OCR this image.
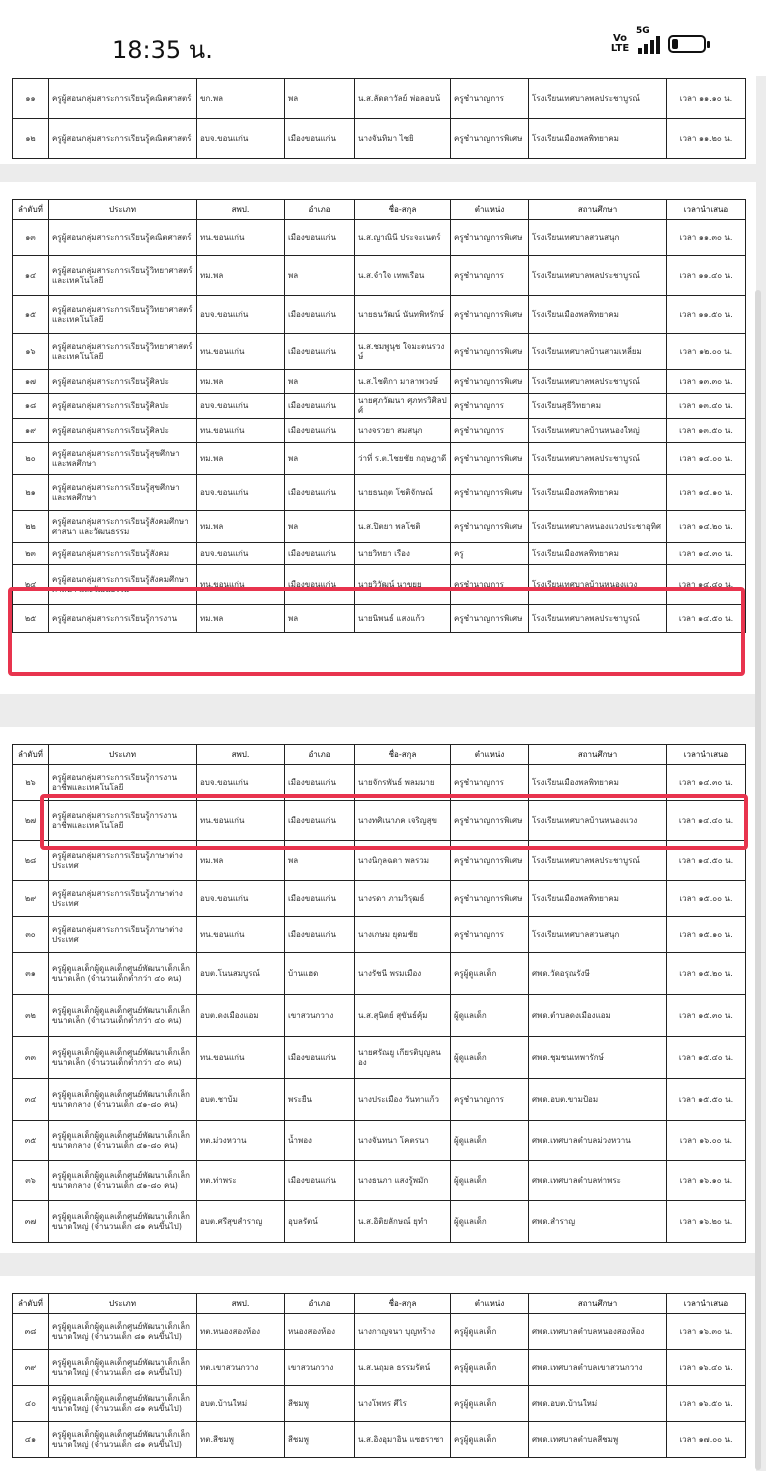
18:35 น.	Vo LTE
5G
๑๑	ครูผู้สอนกลุ่มสาระการเรียนรู้คณิตศาสตร์	ขก.พล	พล	น.ส.ลัดดาวัลย์ พ่อลอบน้	ครูชำนาญการ	โรงเรียนเทศบาลพลประชาบูรณ์	เวลา ๑๑.๑๐ น.
๑๒	ครูผู้สอนกลุ่มสาระการเรียนรู้คณิตศาสตร์	อบจ.ขอนแก่น	เมืองขอนแก่น	นางจันทิมา ไชยิ	ครูชำนาญการพิเศษ	โรงเรียนเมืองพลพิทยาคม	เวลา ๑๑.๒๐ น.
ลำดับที่	ประเภท	สพป.	อำเภอ	ชื่อ-สกุล	ตำแหน่ง	สถานศึกษา	เวลานำเสนอ
๑๓	ครูผู้สอนกลุ่มสาระการเรียนรู้คณิตศาสตร์	ทน.ขอนแก่น	เมืองขอนแก่น	น.ส.ญาณินี ประจะเนตร์	ครูชำนาญการพิเศษ	โรงเรียนเทศบาลสวนสนุก	เวลา ๑๑.๓๐ น.
๑๔	ครูผู้สอนกลุ่มสาระการเรียนรู้วิทยาศาสตร์และเทคโนโลยี	ทม.พล	พล	น.ส.จำใจ เทพเรือน	ครูชำนาญการ	โรงเรียนเทศบาลพลประชาบูรณ์	เวลา ๑๑.๔๐ น.
๑๕	ครูผู้สอนกลุ่มสาระการเรียนรู้วิทยาศาสตร์และเทคโนโลยี	อบจ.ขอนแก่น	เมืองขอนแก่น	นายธนวัฒน์ นันทพิทรักษ์	ครูชำนาญการพิเศษ	โรงเรียนเมืองพลพิทยาคม	เวลา ๑๑.๕๐ น.
๑๖	ครูผู้สอนกลุ่มสาระการเรียนรู้วิทยาศาสตร์และเทคโนโลยี	ทน.ขอนแก่น	เมืองขอนแก่น	น.ส.ชมพูนุช ใจมะตนรวงษ์	ครูชำนาญการพิเศษ	โรงเรียนเทศบาลบ้านสามเหลี่ยม	เวลา ๑๒.๐๐ น.
๑๗	ครูผู้สอนกลุ่มสาระการเรียนรู้ศิลปะ	ทม.พล	พล	น.ส.ไชติกา มาลาพวงษ์	ครูชำนาญการพิเศษ	โรงเรียนเทศบาลพลประชาบูรณ์	เวลา ๑๓.๓๐ น.
๑๘	ครูผู้สอนกลุ่มสาระการเรียนรู้ศิลปะ	อบจ.ขอนแก่น	เมืองขอนแก่น	นายศุภวัฒนา ศุภทรวิศิลปศ์	ครูชำนาญการ	โรงเรียนสุธีวิทยาคม	เวลา ๑๓.๔๐ น.
๑๙	ครูผู้สอนกลุ่มสาระการเรียนรู้ศิลปะ	ทน.ขอนแก่น	เมืองขอนแก่น	นางจรวยา สมสนุก	ครูชำนาญการ	โรงเรียนเทศบาลบ้านหนองใหญ่	เวลา ๑๓.๕๐ น.
๒๐	ครูผู้สอนกลุ่มสาระการเรียนรู้สุขศึกษาและพลศึกษา	ทม.พล	พล	ว่าที่ ร.ต.ไชยชัย กฤษฎาดี	ครูชำนาญการพิเศษ	โรงเรียนเทศบาลพลประชาบูรณ์	เวลา ๑๔.๐๐ น.
๒๑	ครูผู้สอนกลุ่มสาระการเรียนรู้สุขศึกษาและพลศึกษา	อบจ.ขอนแก่น	เมืองขอนแก่น	นายธนฤต โชติจักษณ์	ครูชำนาญการพิเศษ	โรงเรียนเมืองพลพิทยาคม	เวลา ๑๔.๑๐ น.
๒๒	ครูผู้สอนกลุ่มสาระการเรียนรู้สังคมศึกษา ศาสนา และวัฒนธรรม	ทม.พล	พล	น.ส.ปิตยา พลโชติ	ครูชำนาญการพิเศษ	โรงเรียนเทศบาลหนองแวงประชาอุทิศ	เวลา ๑๔.๒๐ น.
๒๓	ครูผู้สอนกลุ่มสาระการเรียนรู้สังคม	อบจ.ขอนแก่น	เมืองขอนแก่น	นายวิทยา เรือง	ครู	โรงเรียนเมืองพลพิทยาคม	เวลา ๑๔.๓๐ น.
๒๔	ครูผู้สอนกลุ่มสาระการเรียนรู้สังคมศึกษา ศาสนา และวัฒนธรรม	ทน.ขอนแก่น	เมืองขอนแก่น	นายวิวัฒน์ นาขยุย	ครูชำนาญการ	โรงเรียนเทศบาลบ้านหนองแวง	เวลา ๑๔.๔๐ น.
๒๕	ครูผู้สอนกลุ่มสาระการเรียนรู้การงาน	ทม.พล	พล	นายนิพนธ์ แสงแก้ว	ครูชำนาญการพิเศษ	โรงเรียนเทศบาลพลประชาบูรณ์	เวลา ๑๔.๕๐ น.
ลำดับที่	ประเภท	สพป.	อำเภอ	ชื่อ-สกุล	ตำแหน่ง	สถานศึกษา	เวลานำเสนอ
๒๖	ครูผู้สอนกลุ่มสาระการเรียนรู้การงานอาชีพและเทคโนโลยี	อบจ.ขอนแก่น	เมืองขอนแก่น	นายจักรพันธ์ พลมมาย	ครูชำนาญการ	โรงเรียนเมืองพลพิทยาคม	เวลา ๑๔.๓๐ น.
๒๗	ครูผู้สอนกลุ่มสาระการเรียนรู้การงานอาชีพและเทคโนโลยี	ทน.ขอนแก่น	เมืองขอนแก่น	นางทศิเนาภค เจริญสุข	ครูชำนาญการพิเศษ	โรงเรียนเทศบาลบ้านหนองแวง	เวลา ๑๔.๔๐ น.
๒๘	ครูผู้สอนกลุ่มสาระการเรียนรู้ภาษาต่างประเทศ	ทม.พล	พล	นางนิกุลฉดา พลรวม	ครูชำนาญการพิเศษ	โรงเรียนเทศบาลพลประชาบูรณ์	เวลา ๑๔.๕๐ น.
๒๙	ครูผู้สอนกลุ่มสาระการเรียนรู้ภาษาต่างประเทศ	อบจ.ขอนแก่น	เมืองขอนแก่น	นางรดา ภามวิรุฒธ์	ครูชำนาญการพิเศษ	โรงเรียนเมืองพลพิทยาคม	เวลา ๑๕.๐๐ น.
๓๐	ครูผู้สอนกลุ่มสาระการเรียนรู้ภาษาต่างประเทศ	ทน.ขอนแก่น	เมืองขอนแก่น	นางเกษม ยุดมชัย	ครูชำนาญการ	โรงเรียนเทศบาลสวนสนุก	เวลา ๑๕.๑๐ น.
๓๑	ครูผู้ดูแลเด็กผู้ดูแลเด็กศูนย์พัฒนาเด็กเล็กขนาดเล็ก (จำนวนเด็กต่ำกว่า ๔๐ คน)	อบต.โนนสมบูรณ์	บ้านแฮด	นางรัชนี พรมเมือง	ครูผู้ดูแลเด็ก	ศพด.วัดอรุณรังษี	เวลา ๑๕.๒๐ น.
๓๒	ครูผู้ดูแลเด็กผู้ดูแลเด็กศูนย์พัฒนาเด็กเล็กขนาดเล็ก (จำนวนเด็กต่ำกว่า ๔๐ คน)	อบต.ดงเมืองแอม	เขาสวนกวาง	น.ส.สุนิตย์ สุขันธ์คุ้ม	ผู้ดูแลเด็ก	ศพด.ตำบลดงเมืองแอม	เวลา ๑๕.๓๐ น.
๓๓	ครูผู้ดูแลเด็กผู้ดูแลเด็กศูนย์พัฒนาเด็กเล็กขนาดเล็ก (จำนวนเด็กต่ำกว่า ๔๐ คน)	ทน.ขอนแก่น	เมืองขอนแก่น	นายศรัณยู เกียรติบุญลนอง	ผู้ดูแลเด็ก	ศพด.ชุมชนเทพารักษ์	เวลา ๑๕.๔๐ น.
๓๔	ครูผู้ดูแลเด็กผู้ดูแลเด็กศูนย์พัฒนาเด็กเล็กขนาดกลาง (จำนวนเด็ก ๔๑-๘๐ คน)	อบต.ชาบ้ม	พระยืน	นางประเมือง วันทาแก้ว	ครูชำนาญการ	ศพด.อบต.ขามป้อม	เวลา ๑๕.๕๐ น.
๓๕	ครูผู้ดูแลเด็กผู้ดูแลเด็กศูนย์พัฒนาเด็กเล็กขนาดกลาง (จำนวนเด็ก ๔๑-๘๐ คน)	ทต.ม่วงหวาน	น้ำพอง	นางจันทนา โคตรนา	ผู้ดูแลเด็ก	ศพด.เทศบาลตำบลม่วงหวาน	เวลา ๑๖.๐๐ น.
๓๖	ครูผู้ดูแลเด็กผู้ดูแลเด็กศูนย์พัฒนาเด็กเล็กขนาดกลาง (จำนวนเด็ก ๔๑-๘๐ คน)	ทต.ท่าพระ	เมืองขอนแก่น	นางธนภา แสงรู้พมัก	ผู้ดูแลเด็ก	ศพด.เทศบาลตำบลท่าพระ	เวลา ๑๖.๑๐ น.
๓๗	ครูผู้ดูแลเด็กผู้ดูแลเด็กศูนย์พัฒนาเด็กเล็กขนาดใหญ่ (จำนวนเด็ก ๘๑ คนขึ้นไป)	อบต.ศรีสุขสำราญ	อุบลรัตน์	น.ส.อิติยลักษณ์ ยุทำ	ผู้ดูแลเด็ก	ศพด.สำราญ	เวลา ๑๖.๒๐ น.
ลำดับที่	ประเภท	สพป.	อำเภอ	ชื่อ-สกุล	ตำแหน่ง	สถานศึกษา	เวลานำเสนอ
๓๘	ครูผู้ดูแลเด็กผู้ดูแลเด็กศูนย์พัฒนาเด็กเล็กขนาดใหญ่ (จำนวนเด็ก ๘๑ คนขึ้นไป)	ทต.หนองสองห้อง	หนองสองห้อง	นางกาญจนา บุญทร้าง	ครูผู้ดูแลเด็ก	ศพด.เทศบาลตำบลหนองสองห้อง	เวลา ๑๖.๓๐ น.
๓๙	ครูผู้ดูแลเด็กผู้ดูแลเด็กศูนย์พัฒนาเด็กเล็กขนาดใหญ่ (จำนวนเด็ก ๘๑ คนขึ้นไป)	ทต.เขาสวนกวาง	เขาสวนกวาง	น.ส.นฤมล ธรรมรัตน์	ครูผู้ดูแลเด็ก	ศพด.เทศบาลตำบลเขาสวนกวาง	เวลา ๑๖.๔๐ น.
๔๐	ครูผู้ดูแลเด็กผู้ดูแลเด็กศูนย์พัฒนาเด็กเล็กขนาดใหญ่ (จำนวนเด็ก ๘๑ คนขึ้นไป)	อบต.บ้านใหม่	สีชมพู	นางโพทร ศีไร	ครูผู้ดูแลเด็ก	ศพด.อบต.บ้านใหม่	เวลา ๑๖.๕๐ น.
๔๑	ครูผู้ดูแลเด็กผู้ดูแลเด็กศูนย์พัฒนาเด็กเล็กขนาดใหญ่ (จำนวนเด็ก ๘๑ คนขึ้นไป)	ทต.สีชมพู	สีชมพู	น.ส.อิงอุมาอิน แซฮราซา	ครูผู้ดูแลเด็ก	ศพด.เทศบาลตำบลสีชมพู	เวลา ๑๗.๐๐ น.
